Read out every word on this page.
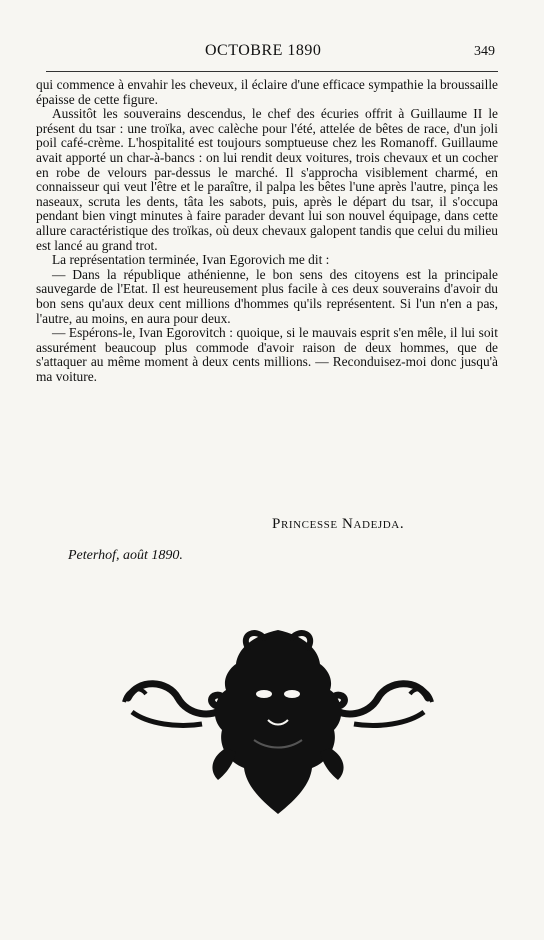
OCTOBRE 1890	349

qui commence à envahir les cheveux, il éclaire d'une efficace sympathie la broussaille épaisse de cette figure.

Aussitôt les souverains descendus, le chef des écuries offrit à Guillaume II le présent du tsar : une troïka, avec calèche pour l'été, attelée de bêtes de race, d'un joli poil café-crème. L'hospitalité est toujours somptueuse chez les Romanoff. Guillaume avait apporté un char-à-bancs : on lui rendit deux voitures, trois chevaux et un cocher en robe de velours par-dessus le marché. Il s'approcha visiblement charmé, en connaisseur qui veut l'être et le paraître, il palpa les bêtes l'une après l'autre, pinça les naseaux, scruta les dents, tâta les sabots, puis, après le départ du tsar, il s'occupa pendant bien vingt minutes à faire parader devant lui son nouvel équipage, dans cette allure caractéristique des troïkas, où deux chevaux galopent tandis que celui du milieu est lancé au grand trot.

La représentation terminée, Ivan Egorovich me dit :

— Dans la république athénienne, le bon sens des citoyens est la principale sauvegarde de l'Etat. Il est heureusement plus facile à ces deux souverains d'avoir du bon sens qu'aux deux cent millions d'hommes qu'ils représentent. Si l'un n'en a pas, l'autre, au moins, en aura pour deux.

— Espérons-le, Ivan Egorovitch : quoique, si le mauvais esprit s'en mêle, il lui soit assurément beaucoup plus commode d'avoir raison de deux hommes, que de s'attaquer au même moment à deux cents millions. — Reconduisez-moi donc jusqu'à ma voiture.

Princesse Nadejda.
Peterhof, août 1890.
